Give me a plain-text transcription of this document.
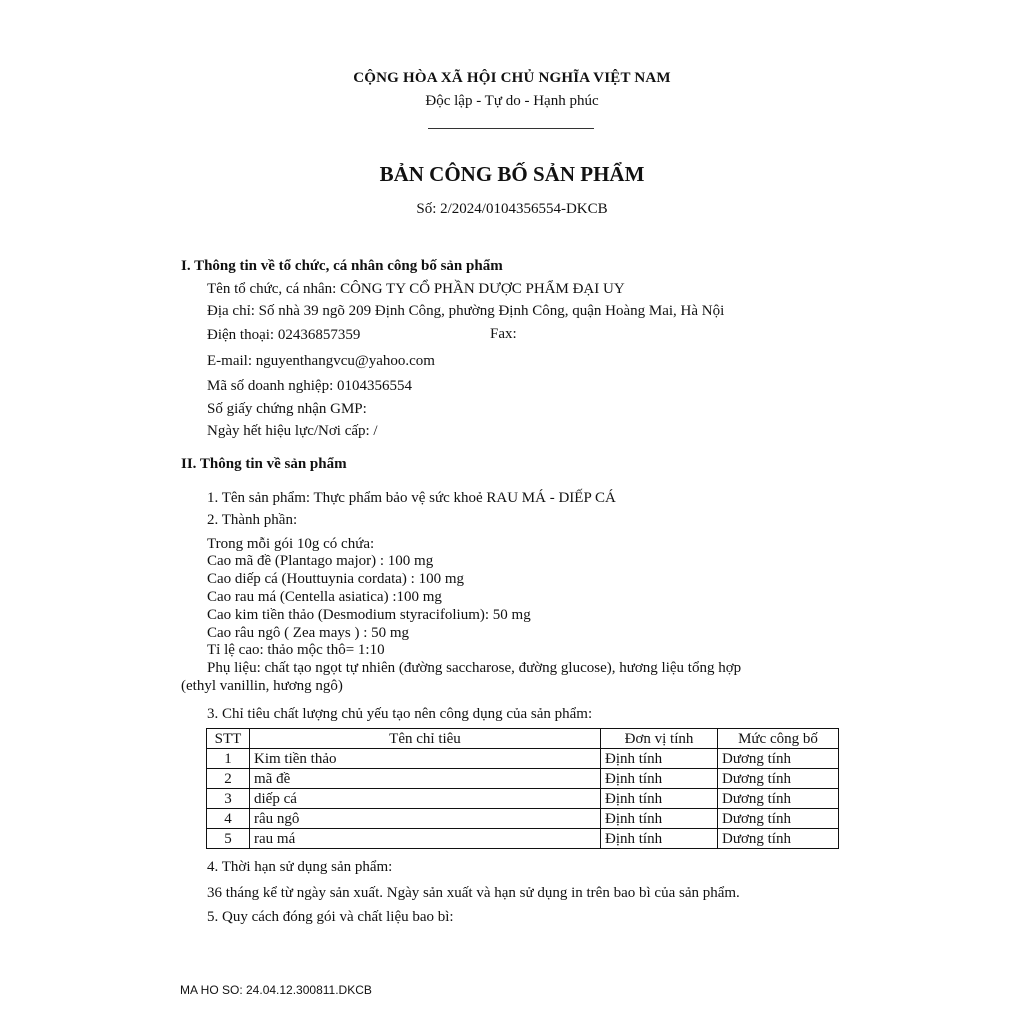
CỘNG HÒA XÃ HỘI CHỦ NGHĨA VIỆT NAM
Độc lập - Tự do - Hạnh phúc
BẢN CÔNG BỐ SẢN PHẨM
Số: 2/2024/0104356554-DKCB
I. Thông tin về tổ chức, cá nhân công bố sản phẩm
Tên tổ chức, cá nhân: CÔNG TY CỔ PHẦN DƯỢC PHẨM ĐẠI UY
Địa chỉ: Số nhà 39 ngõ 209 Định Công, phường Định Công, quận Hoàng Mai, Hà Nội
Điện thoại: 02436857359	Fax:
E-mail: nguyenthangvcu@yahoo.com
Mã số doanh nghiệp: 0104356554
Số giấy chứng nhận GMP:
Ngày hết hiệu lực/Nơi cấp: /
II. Thông tin về sản phẩm
1. Tên sản phẩm: Thực phẩm bảo vệ sức khoẻ RAU MÁ - DIẾP CÁ
2. Thành phần:
Trong mỗi gói 10g có chứa:
Cao mã đề (Plantago major) : 100 mg
Cao diếp cá (Houttuynia cordata) : 100 mg
Cao rau má (Centella asiatica) :100 mg
Cao kim tiền thảo (Desmodium styracifolium): 50 mg
Cao râu ngô ( Zea mays ) : 50 mg
Tỉ lệ cao: thảo mộc thô= 1:10
Phụ liệu: chất tạo ngọt tự nhiên (đường saccharose, đường glucose), hương liệu tổng hợp
(ethyl vanillin, hương ngô)
3. Chỉ tiêu chất lượng chủ yếu tạo nên công dụng của sản phẩm:
STT	Tên chỉ tiêu	Đơn vị tính	Mức công bố
1	Kim tiền thảo	Định tính	Dương tính
2	mã đề	Định tính	Dương tính
3	diếp cá	Định tính	Dương tính
4	râu ngô	Định tính	Dương tính
5	rau má	Định tính	Dương tính
4. Thời hạn sử dụng sản phẩm:
36 tháng kể từ ngày sản xuất. Ngày sản xuất và hạn sử dụng in trên bao bì của sản phẩm.
5. Quy cách đóng gói và chất liệu bao bì:
MA HO SO: 24.04.12.300811.DKCB
